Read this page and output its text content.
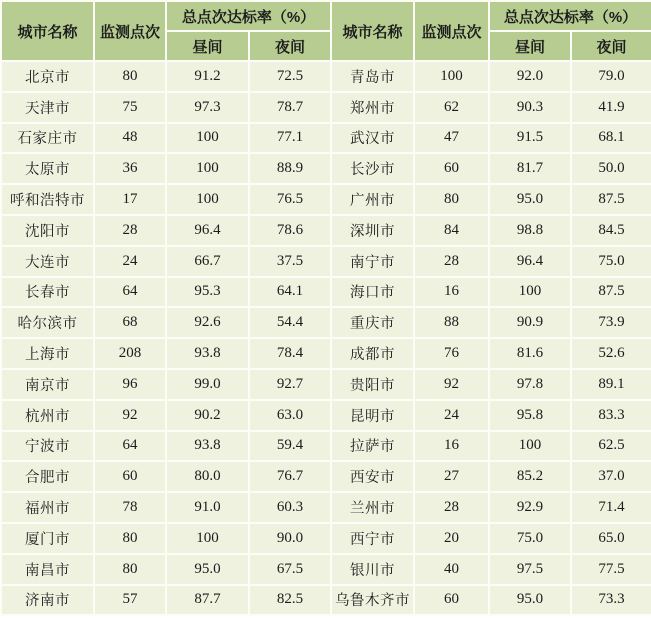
城市名称	监测点次	总点次达标率（%）		城市名称	监测点次	总点次达标率（%）	
		昼间	夜间			昼间	夜间
北京市	80	91.2	72.5	青岛市	100	92.0	79.0
天津市	75	97.3	78.7	郑州市	62	90.3	41.9
石家庄市	48	100	77.1	武汉市	47	91.5	68.1
太原市	36	100	88.9	长沙市	60	81.7	50.0
呼和浩特市	17	100	76.5	广州市	80	95.0	87.5
沈阳市	28	96.4	78.6	深圳市	84	98.8	84.5
大连市	24	66.7	37.5	南宁市	28	96.4	75.0
长春市	64	95.3	64.1	海口市	16	100	87.5
哈尔滨市	68	92.6	54.4	重庆市	88	90.9	73.9
上海市	208	93.8	78.4	成都市	76	81.6	52.6
南京市	96	99.0	92.7	贵阳市	92	97.8	89.1
杭州市	92	90.2	63.0	昆明市	24	95.8	83.3
宁波市	64	93.8	59.4	拉萨市	16	100	62.5
合肥市	60	80.0	76.7	西安市	27	85.2	37.0
福州市	78	91.0	60.3	兰州市	28	92.9	71.4
厦门市	80	100	90.0	西宁市	20	75.0	65.0
南昌市	80	95.0	67.5	银川市	40	97.5	77.5
济南市	57	87.7	82.5	乌鲁木齐市	60	95.0	73.3
